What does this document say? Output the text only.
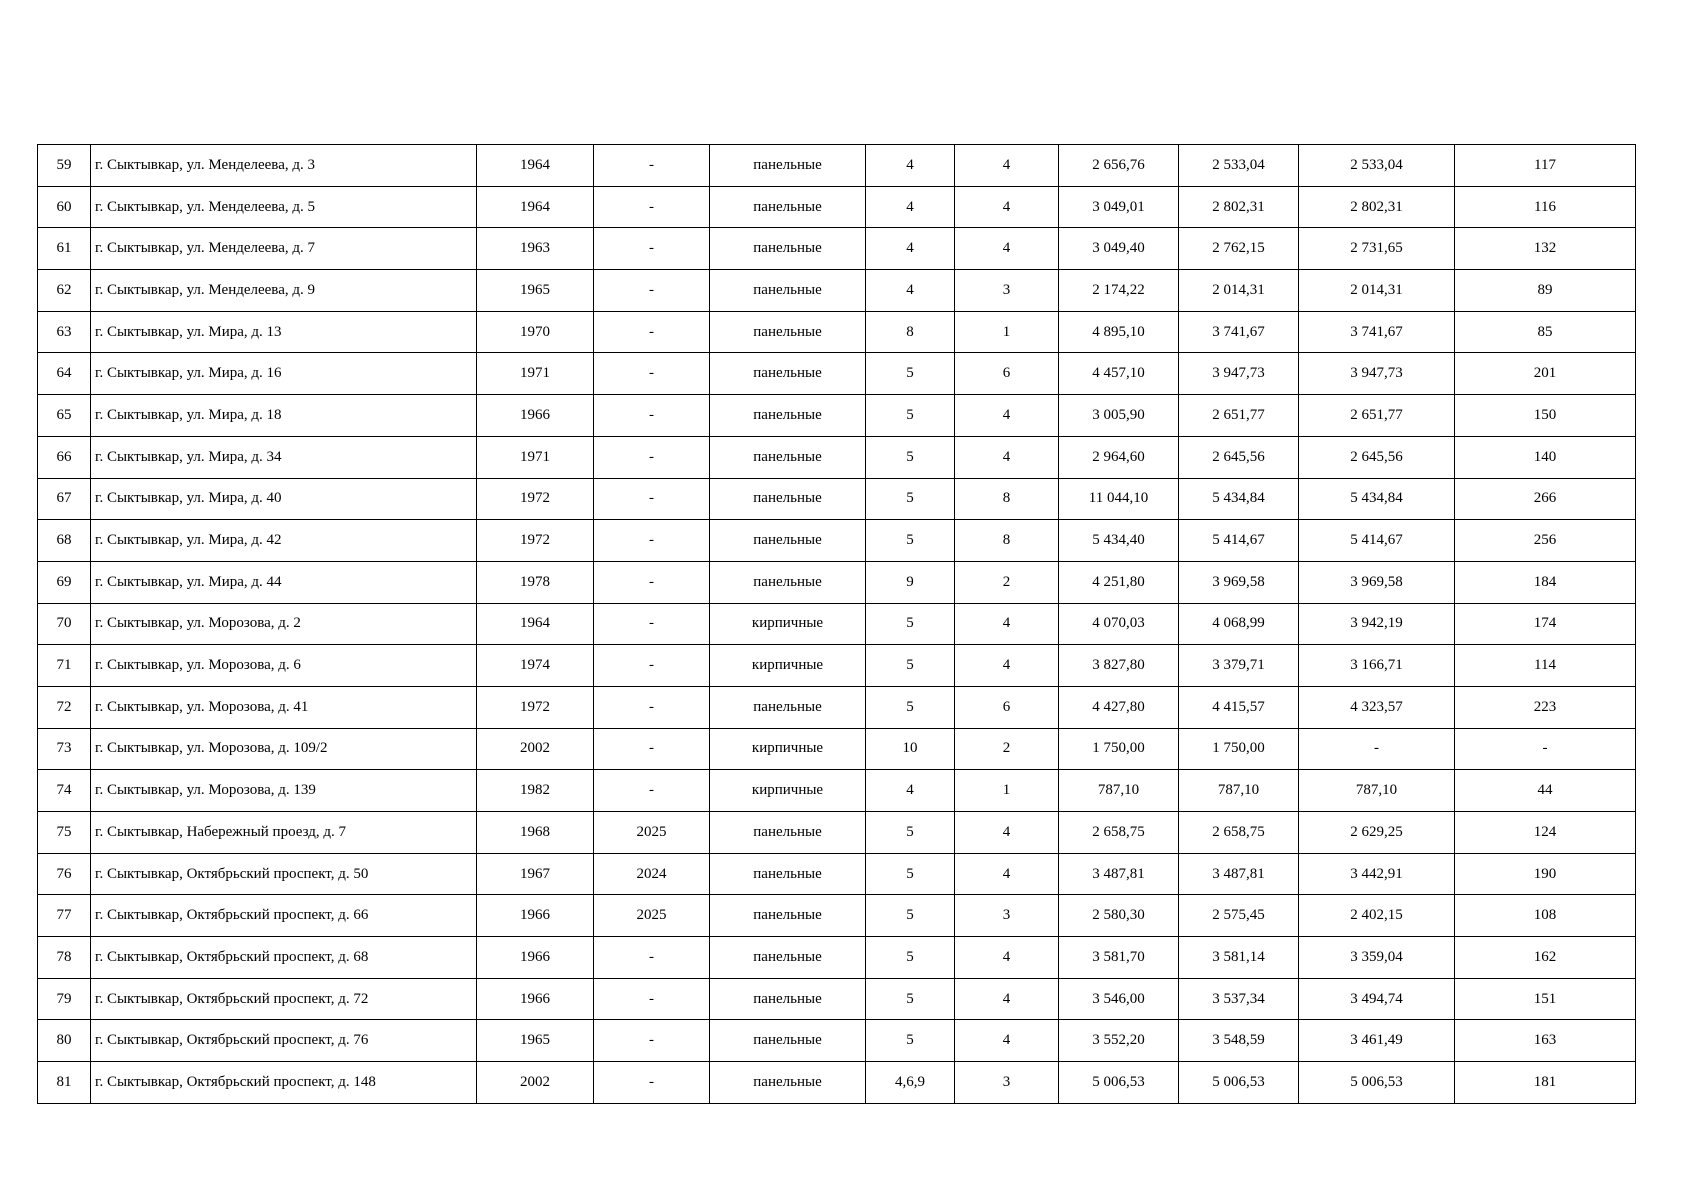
59	г. Сыктывкар, ул. Менделеева, д. 3	1964	-	панельные	4	4	2 656,76	2 533,04	2 533,04	117
60	г. Сыктывкар, ул. Менделеева, д. 5	1964	-	панельные	4	4	3 049,01	2 802,31	2 802,31	116
61	г. Сыктывкар, ул. Менделеева, д. 7	1963	-	панельные	4	4	3 049,40	2 762,15	2 731,65	132
62	г. Сыктывкар, ул. Менделеева, д. 9	1965	-	панельные	4	3	2 174,22	2 014,31	2 014,31	89
63	г. Сыктывкар, ул. Мира, д. 13	1970	-	панельные	8	1	4 895,10	3 741,67	3 741,67	85
64	г. Сыктывкар, ул. Мира, д. 16	1971	-	панельные	5	6	4 457,10	3 947,73	3 947,73	201
65	г. Сыктывкар, ул. Мира, д. 18	1966	-	панельные	5	4	3 005,90	2 651,77	2 651,77	150
66	г. Сыктывкар, ул. Мира, д. 34	1971	-	панельные	5	4	2 964,60	2 645,56	2 645,56	140
67	г. Сыктывкар, ул. Мира, д. 40	1972	-	панельные	5	8	11 044,10	5 434,84	5 434,84	266
68	г. Сыктывкар, ул. Мира, д. 42	1972	-	панельные	5	8	5 434,40	5 414,67	5 414,67	256
69	г. Сыктывкар, ул. Мира, д. 44	1978	-	панельные	9	2	4 251,80	3 969,58	3 969,58	184
70	г. Сыктывкар, ул. Морозова, д. 2	1964	-	кирпичные	5	4	4 070,03	4 068,99	3 942,19	174
71	г. Сыктывкар, ул. Морозова, д. 6	1974	-	кирпичные	5	4	3 827,80	3 379,71	3 166,71	114
72	г. Сыктывкар, ул. Морозова, д. 41	1972	-	панельные	5	6	4 427,80	4 415,57	4 323,57	223
73	г. Сыктывкар, ул. Морозова, д. 109/2	2002	-	кирпичные	10	2	1 750,00	1 750,00	-	-
74	г. Сыктывкар, ул. Морозова, д. 139	1982	-	кирпичные	4	1	787,10	787,10	787,10	44
75	г. Сыктывкар, Набережный проезд, д. 7	1968	2025	панельные	5	4	2 658,75	2 658,75	2 629,25	124
76	г. Сыктывкар, Октябрьский проспект, д. 50	1967	2024	панельные	5	4	3 487,81	3 487,81	3 442,91	190
77	г. Сыктывкар, Октябрьский проспект, д. 66	1966	2025	панельные	5	3	2 580,30	2 575,45	2 402,15	108
78	г. Сыктывкар, Октябрьский проспект, д. 68	1966	-	панельные	5	4	3 581,70	3 581,14	3 359,04	162
79	г. Сыктывкар, Октябрьский проспект, д. 72	1966	-	панельные	5	4	3 546,00	3 537,34	3 494,74	151
80	г. Сыктывкар, Октябрьский проспект, д. 76	1965	-	панельные	5	4	3 552,20	3 548,59	3 461,49	163
81	г. Сыктывкар, Октябрьский проспект, д. 148	2002	-	панельные	4,6,9	3	5 006,53	5 006,53	5 006,53	181
